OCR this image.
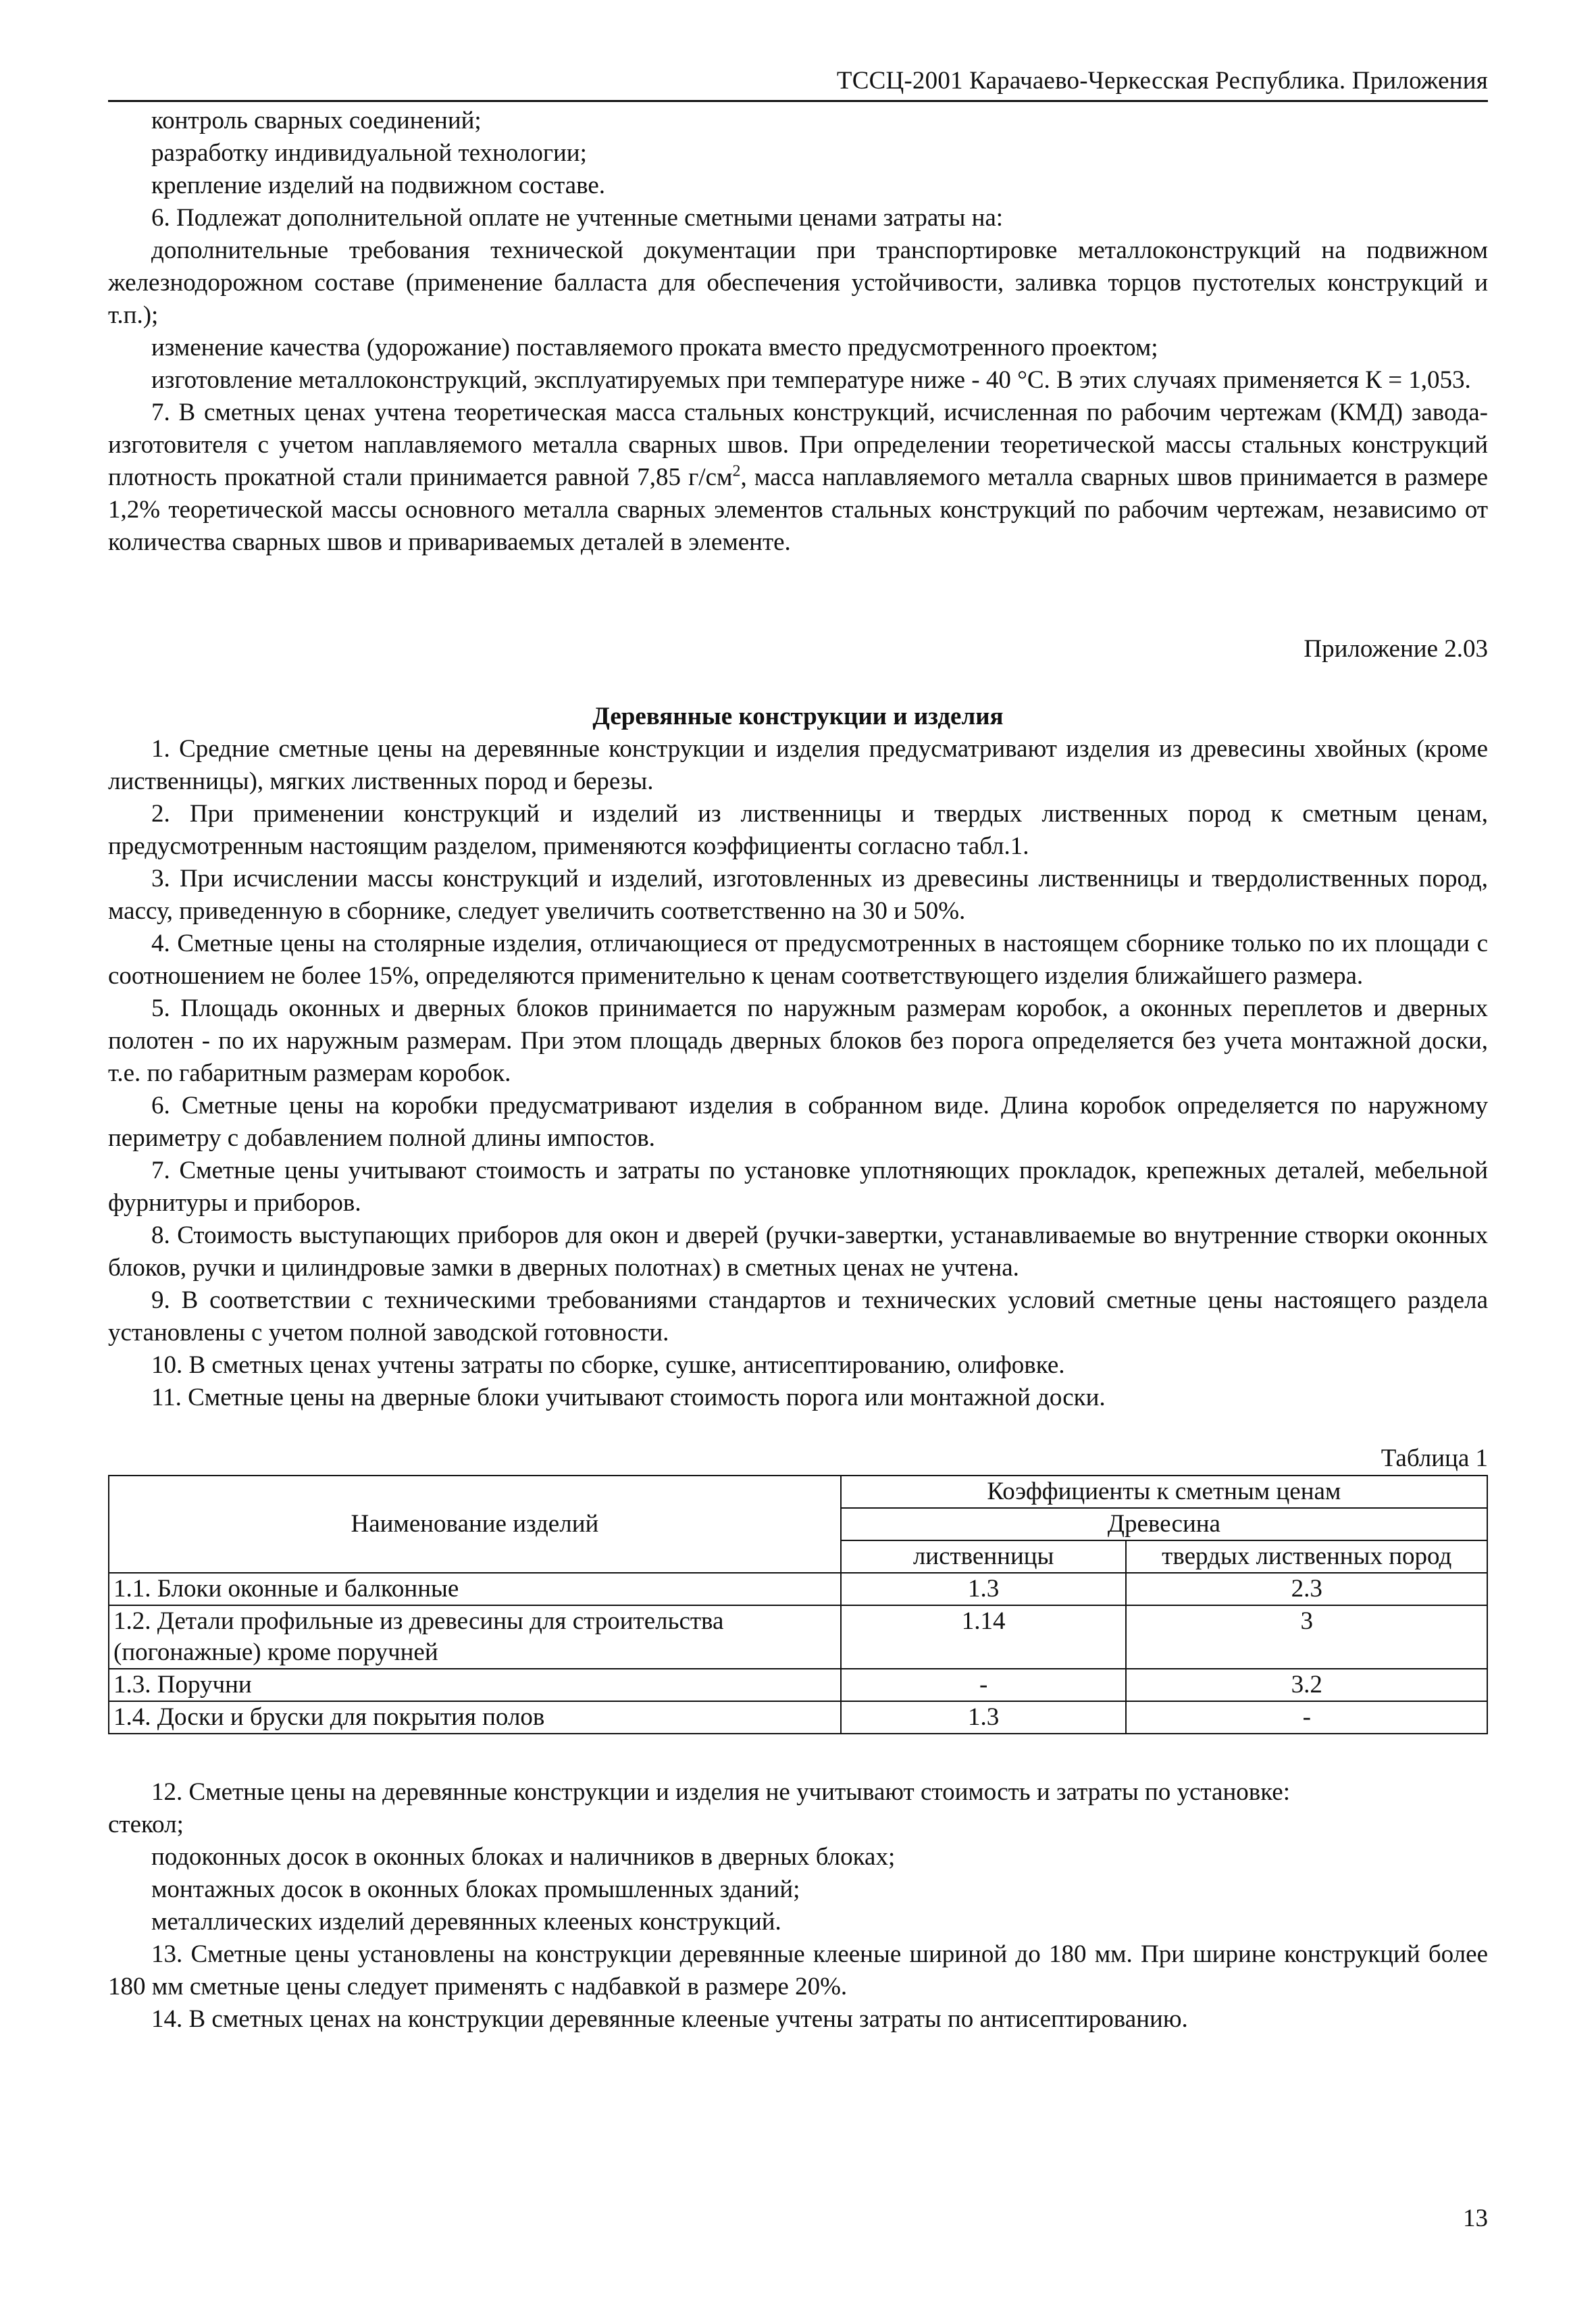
ТССЦ-2001 Карачаево-Черкесская Республика. Приложения

контроль сварных соединений;

разработку индивидуальной технологии;

крепление изделий на подвижном составе.

6. Подлежат дополнительной оплате не учтенные сметными ценами затраты на:

дополнительные требования технической документации при транспортировке металлоконструкций на подвижном железнодорожном составе (применение балласта для обеспечения устойчивости, заливка торцов пустотелых конструкций и т.п.);

изменение качества (удорожание) поставляемого проката вместо предусмотренного проектом;

изготовление металлоконструкций, эксплуатируемых при температуре ниже - 40 °С. В этих случаях применяется К = 1,053.

7. В сметных ценах учтена теоретическая масса стальных конструкций, исчисленная по рабочим чертежам (КМД) завода-изготовителя с учетом наплавляемого металла сварных швов. При определении теоретической массы стальных конструкций плотность прокатной стали принимается равной 7,85 $г/см^2$, масса наплавляемого металла сварных швов принимается в размере 1,2% теоретической массы основного металла сварных элементов стальных конструкций по рабочим чертежам, независимо от количества сварных швов и привариваемых деталей в элементе.

Приложение 2.03
Деревянные конструкции и изделия

1. Средние сметные цены на деревянные конструкции и изделия предусматривают изделия из древесины хвойных (кроме лиственницы), мягких лиственных пород и березы.

2. При применении конструкций и изделий из лиственницы и твердых лиственных пород к сметным ценам, предусмотренным настоящим разделом, применяются коэффициенты согласно табл.1.

3. При исчислении массы конструкций и изделий, изготовленных из древесины лиственницы и твердолиственных пород, массу, приведенную в сборнике, следует увеличить соответственно на 30 и 50%.

4. Сметные цены на столярные изделия, отличающиеся от предусмотренных в настоящем сборнике только по их площади с соотношением не более 15%, определяются применительно к ценам соответствующего изделия ближайшего размера.

5. Площадь оконных и дверных блоков принимается по наружным размерам коробок, а оконных переплетов и дверных полотен - по их наружным размерам. При этом площадь дверных блоков без порога определяется без учета монтажной доски, т.е. по габаритным размерам коробок.

6. Сметные цены на коробки предусматривают изделия в собранном виде. Длина коробок определяется по наружному периметру с добавлением полной длины импостов.

7. Сметные цены учитывают стоимость и затраты по установке уплотняющих прокладок, крепежных деталей, мебельной фурнитуры и приборов.

8. Стоимость выступающих приборов для окон и дверей (ручки-завертки, устанавливаемые во внутренние створки оконных блоков, ручки и цилиндровые замки в дверных полотнах) в сметных ценах не учтена.

9. В соответствии с техническими требованиями стандартов и технических условий сметные цены настоящего раздела установлены с учетом полной заводской готовности.

10. В сметных ценах учтены затраты по сборке, сушке, антисептированию, олифовке.

11. Сметные цены на дверные блоки учитывают стоимость порога или монтажной доски.

Таблица 1
Наименование изделий	Коэффициенты к сметным ценам	
	Древесина	
	лиственницы	твердых лиственных пород
1.1. Блоки оконные и балконные	1.3	2.3
1.2. Детали профильные из древесины для строительства (погонажные) кроме поручней	1.14	3
1.3. Поручни	-	3.2
1.4. Доски и бруски для покрытия полов	1.3	-

12. Сметные цены на деревянные конструкции и изделия не учитывают стоимость и затраты по установке:

стекол;

подоконных досок в оконных блоках и наличников в дверных блоках;

монтажных досок в оконных блоках промышленных зданий;

металлических изделий деревянных клееных конструкций.

13. Сметные цены установлены на конструкции деревянные клееные шириной до 180 мм. При ширине конструкций более 180 мм сметные цены следует применять с надбавкой в размере 20%.

14. В сметных ценах на конструкции деревянные клееные учтены затраты по антисептированию.

13
